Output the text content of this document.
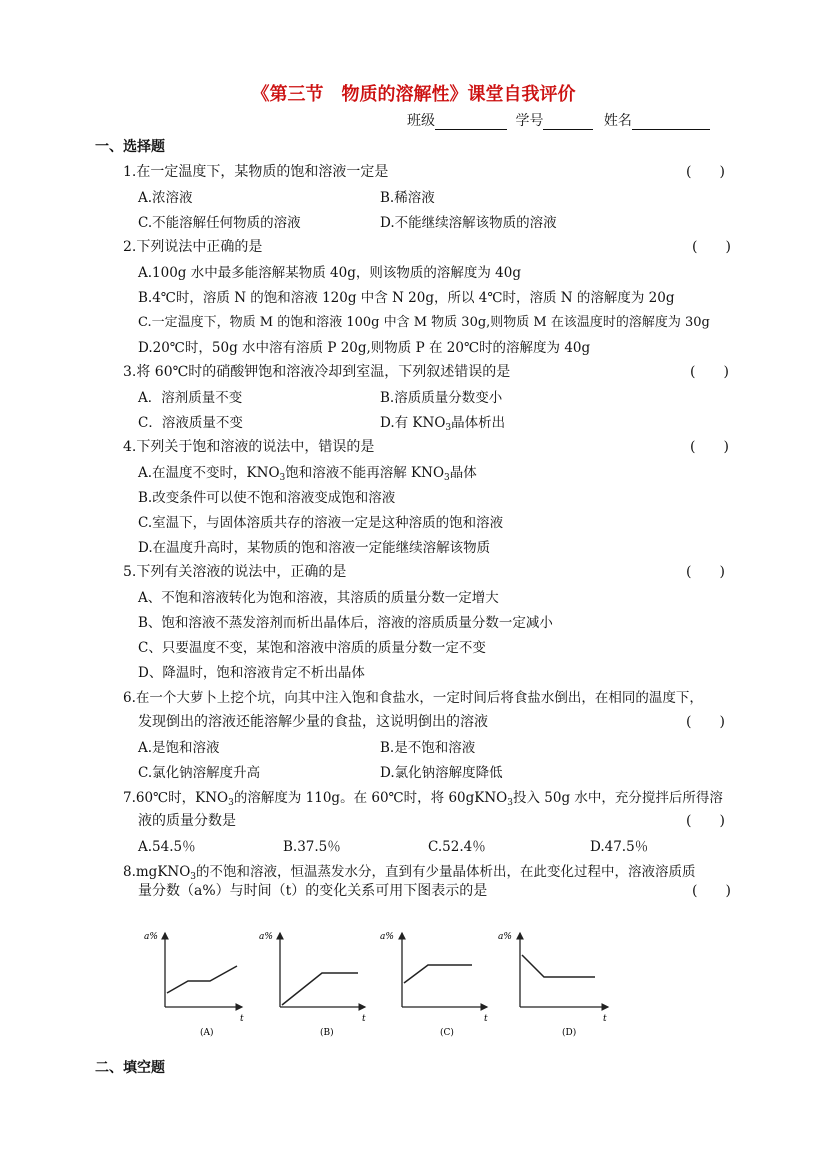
《第三节　物质的溶解性》课堂自我评价
班级	学号	姓名
一、选择题
1.在一定温度下，某物质的饱和溶液一定是	(　　)
A.浓溶液	B.稀溶液
C.不能溶解任何物质的溶液	D.不能继续溶解该物质的溶液
2.下列说法中正确的是	(　　)
A.100g 水中最多能溶解某物质 40g，则该物质的溶解度为 40g
B.4℃时，溶质 N 的饱和溶液 120g 中含 N 20g，所以 4℃时，溶质 N 的溶解度为 20g
C.一定温度下，物质 M 的饱和溶液 100g 中含 M 物质 30g,则物质 M 在该温度时的溶解度为 30g
D.20℃时，50g 水中溶有溶质 P 20g,则物质 P 在 20℃时的溶解度为 40g
3.将 60℃时的硝酸钾饱和溶液冷却到室温，下列叙述错误的是	(　　)
A．溶剂质量不变	B.溶质质量分数变小
C．溶液质量不变	D.有 $KNO_3$晶体析出
4.下列关于饱和溶液的说法中，错误的是	(　　)
A.在温度不变时，$KNO_3$饱和溶液不能再溶解 $KNO_3$晶体
B.改变条件可以使不饱和溶液变成饱和溶液
C.室温下，与固体溶质共存的溶液一定是这种溶质的饱和溶液
D.在温度升高时，某物质的饱和溶液一定能继续溶解该物质
5.下列有关溶液的说法中，正确的是	(　　)
A、不饱和溶液转化为饱和溶液，其溶质的质量分数一定增大
B、饱和溶液不蒸发溶剂而析出晶体后，溶液的溶质质量分数一定减小
C、只要温度不变，某饱和溶液中溶质的质量分数一定不变
D、降温时，饱和溶液肯定不析出晶体
6.在一个大萝卜上挖个坑，向其中注入饱和食盐水，一定时间后将食盐水倒出，在相同的温度下，
发现倒出的溶液还能溶解少量的食盐，这说明倒出的溶液	(　　)
A.是饱和溶液	B.是不饱和溶液
C.氯化钠溶解度升高	D.氯化钠溶解度降低
7.60℃时，$KNO_3$的溶解度为 110g。在 60℃时，将 60gKNO$_3$投入 50g 水中，充分搅拌后所得溶
液的质量分数是	(　　)
A.54.5％	B.37.5％	C.52.4％	D.47.5％
8.mgKNO$_3$的不饱和溶液，恒温蒸发水分，直到有少量晶体析出，在此变化过程中，溶液溶质质
量分数（a%）与时间（t）的变化关系可用下图表示的是	(　　)
a%
t
(A)
a%
t
(B)
a%
t
(C)
a%
t
(D)
二、填空题
